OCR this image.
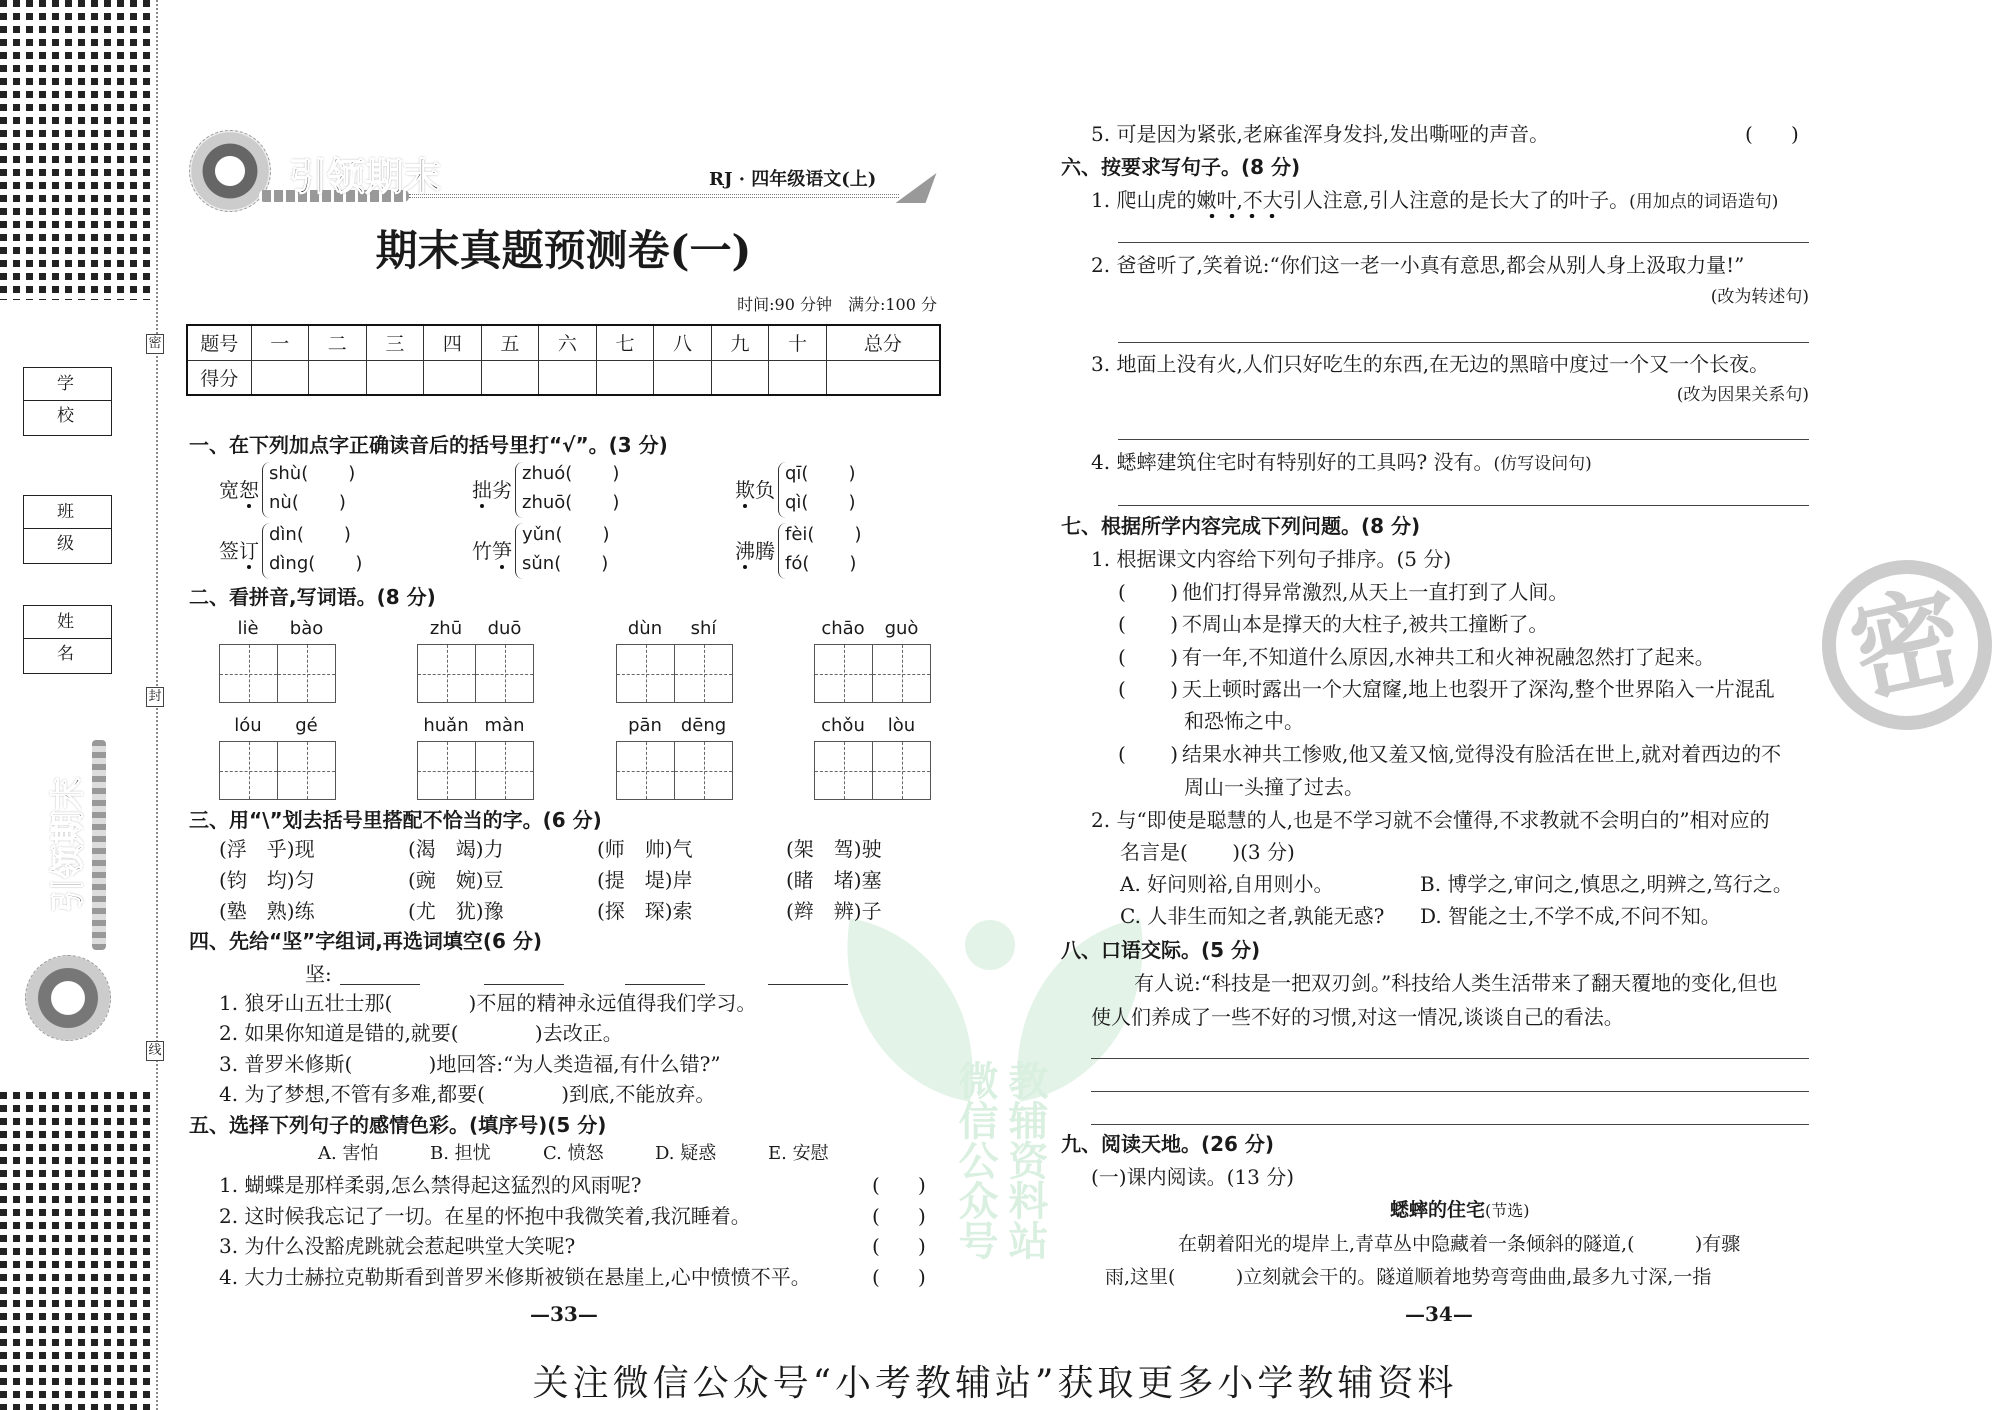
密
封
线
学 校
班 级
姓 名
引领期末
引领期末	RJ · 四年级语文(上)
期末真题预测卷(一)
时间:90 分钟　满分:100 分
题号	一	二	三	四	五	六	七	八	九	十	总分
得分											
微信公众号 教辅资料站
密
一、在下列加点字正确读音后的括号里打“√”。(3 分)
宽恕
shù(       )
nù(       )
拙劣
zhuó(       )
zhuō(       )
欺负
qī(       )
qì(       )
签订
dìn(       )
dìng(       )
竹笋
yǔn(       )
sǔn(       )
沸腾
fèi(       )
fó(       )
二、看拼音,写词语。(8 分)
liè	bào	zhū	duō	dùn	shí	chāo	guò
lóu	gé	huǎn màn	pān	dēng	chǒu	lòu
三、用“\”划去括号里搭配不恰当的字。(6 分)
(浮　乎)现	(渴　竭)力	(师　帅)气	(架　驾)驶
(钧　均)匀	(豌　婉)豆	(提　堤)岸	(睹　堵)塞
(塾　熟)练	(尤　犹)豫	(探　琛)索	(辫　辨)子
四、先给“坚”字组词,再选词填空(6 分)
坚:
1. 狼牙山五壮士那(            )不屈的精神永远值得我们学习。
2. 如果你知道是错的,就要(            )去改正。
3. 普罗米修斯(            )地回答:“为人类造福,有什么错?”
4. 为了梦想,不管有多难,都要(            )到底,不能放弃。
五、选择下列句子的感情色彩。(填序号)(5 分)
A. 害怕	B. 担忧	C. 愤怒	D. 疑惑	E. 安慰
1. 蝴蝶是那样柔弱,怎么禁得起这猛烈的风雨呢?
2. 这时候我忘记了一切。在星的怀抱中我微笑着,我沉睡着。
3. 为什么没豁虎跳就会惹起哄堂大笑呢?
4. 大力士赫拉克勒斯看到普罗米修斯被锁在悬崖上,心中愤愤不平。
(      )
(      )
(      )
(      )
—33—
5. 可是因为紧张,老麻雀浑身发抖,发出嘶哑的声音。	(      )
六、按要求写句子。(8 分)
1. 爬山虎的嫩叶,不大引人注意,引人注意的是长大了的叶子。(用加点的词语造句)
2. 爸爸听了,笑着说:“你们这一老一小真有意思,都会从别人身上汲取力量!”
(改为转述句)
3. 地面上没有火,人们只好吃生的东西,在无边的黑暗中度过一个又一个长夜。
(改为因果关系句)
4. 蟋蟀建筑住宅时有特别好的工具吗? 没有。(仿写设问句)
七、根据所学内容完成下列问题。(8 分)
1. 根据课文内容给下列句子排序。(5 分)
(       ) 他们打得异常激烈,从天上一直打到了人间。
(       ) 不周山本是撑天的大柱子,被共工撞断了。
(       ) 有一年,不知道什么原因,水神共工和火神祝融忽然打了起来。
(       ) 天上顿时露出一个大窟窿,地上也裂开了深沟,整个世界陷入一片混乱
和恐怖之中。
(       ) 结果水神共工惨败,他又羞又恼,觉得没有脸活在世上,就对着西边的不
周山一头撞了过去。
2. 与“即使是聪慧的人,也是不学习就不会懂得,不求教就不会明白的”相对应的
名言是(       )(3 分)
A. 好问则裕,自用则小。	B. 博学之,审问之,慎思之,明辨之,笃行之。
C. 人非生而知之者,孰能无惑? D. 智能之士,不学不成,不问不知。
八、口语交际。(5 分)
有人说:“科技是一把双刃剑。”科技给人类生活带来了翻天覆地的变化,但也
使人们养成了一些不好的习惯,对这一情况,谈谈自己的看法。
九、阅读天地。(26 分)
(一)课内阅读。(13 分)
蟋蟀的住宅(节选)
在朝着阳光的堤岸上,青草丛中隐藏着一条倾斜的隧道,(          )有骤
雨,这里(          )立刻就会干的。隧道顺着地势弯弯曲曲,最多九寸深,一指
—34—
关注微信公众号“小考教辅站”获取更多小学教辅资料
